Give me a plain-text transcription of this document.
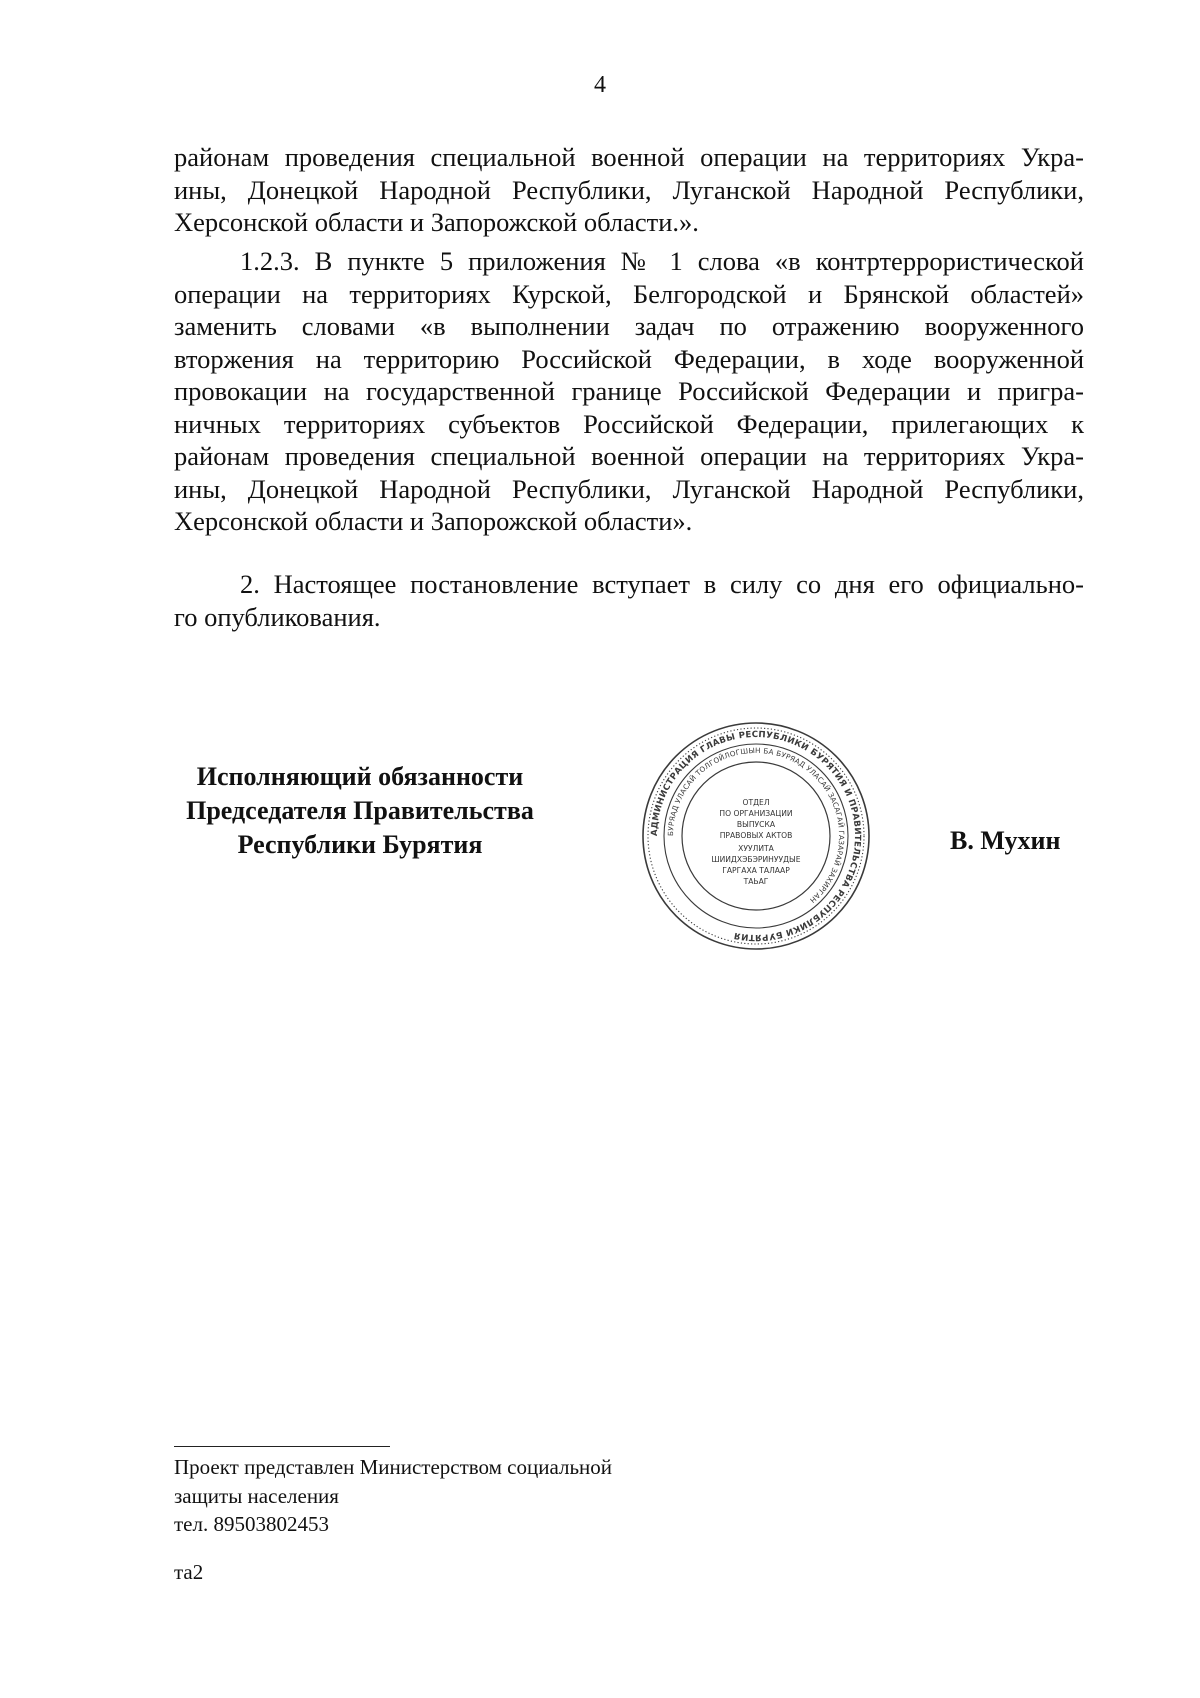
4
районам проведения специальной военной операции на территориях Укра-
ины, Донецкой Народной Республики, Луганской Народной Республики,
Херсонской области и Запорожской области.».
1.2.3. В пункте 5 приложения № 1 слова «в контртеррористической
операции на территориях Курской, Белгородской и Брянской областей»
заменить словами «в выполнении задач по отражению вооруженного
вторжения на территорию Российской Федерации, в ходе вооруженной
провокации на государственной границе Российской Федерации и пригра-
ничных территориях субъектов Российской Федерации, прилегающих к
районам проведения специальной военной операции на территориях Укра-
ины, Донецкой Народной Республики, Луганской Народной Республики,
Херсонской области и Запорожской области».
2. Настоящее постановление вступает в силу со дня его официально-
го опубликования.
Исполняющий обязанности
Председателя Правительства
Республики Бурятия	АДМИНИСТРАЦИЯ ГЛАВЫ РЕСПУБЛИКИ БУРЯТИЯ И ПРАВИТЕЛЬСТВА РЕСПУБЛИКИ БУРЯТИЯ
БУРЯАД УЛАСАЙ ТОЛГОЙЛОГШЫН БА БУРЯАД УЛАСАЙ ЗАСАГАЙ ГАЗАРАЙ ЗАХИРГАН
ОТДЕЛ
ПО ОРГАНИЗАЦИИ
ВЫПУСКА
ПРАВОВЫХ АКТОВ
ХУУЛИТА
ШИИДХЭБЭРИНУУДЫЕ
ГАРГАХА ТАЛААР
ТАЬАГ
В. Мухин
Проект представлен Министерством социальной
защиты населения
тел. 89503802453
та2
